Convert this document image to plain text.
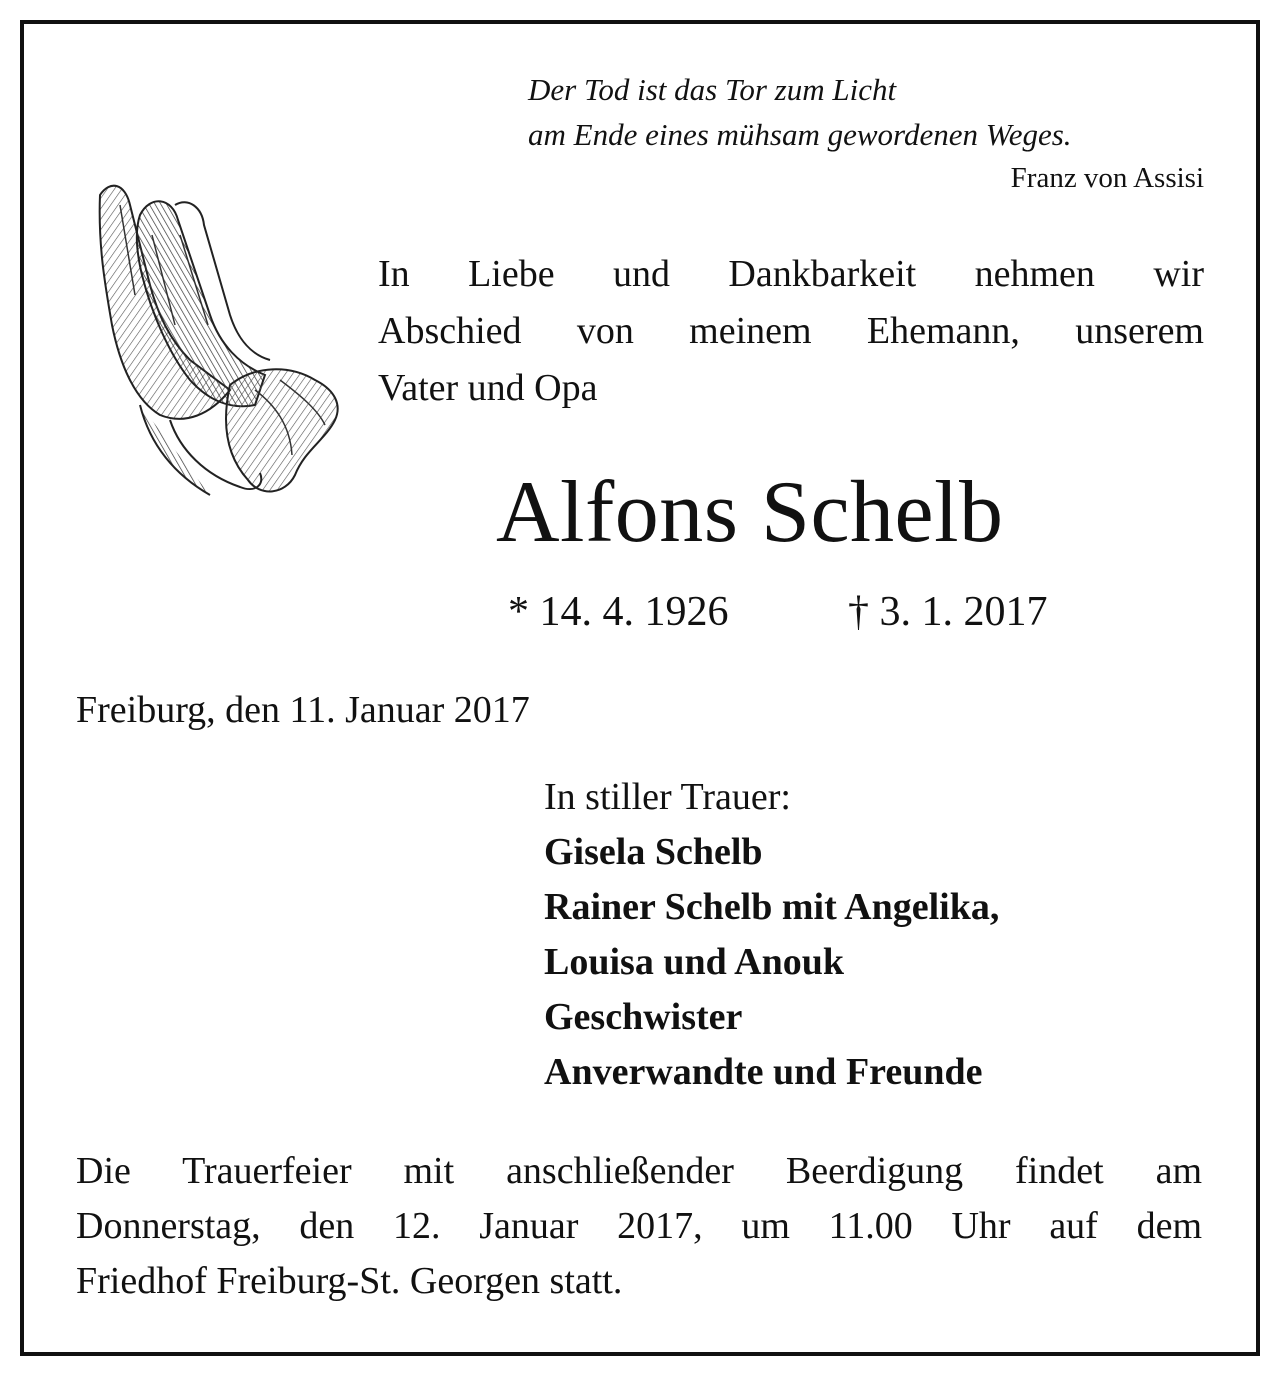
Der Tod ist das Tor zum Licht
am Ende eines mühsam gewordenen Weges.
Franz von Assisi
In Liebe und Dankbarkeit nehmen wir
Abschied von meinem Ehemann, unserem
Vater und Opa
Alfons Schelb
* 14. 4. 1926	† 3. 1. 2017
Freiburg, den 11. Januar 2017
In stiller Trauer:
Gisela Schelb
Rainer Schelb mit Angelika,
Louisa und Anouk
Geschwister
Anverwandte und Freunde
Die Trauerfeier mit anschließender Beerdigung findet am
Donnerstag, den 12. Januar 2017, um 11.00 Uhr auf dem
Friedhof Freiburg-St. Georgen statt.
